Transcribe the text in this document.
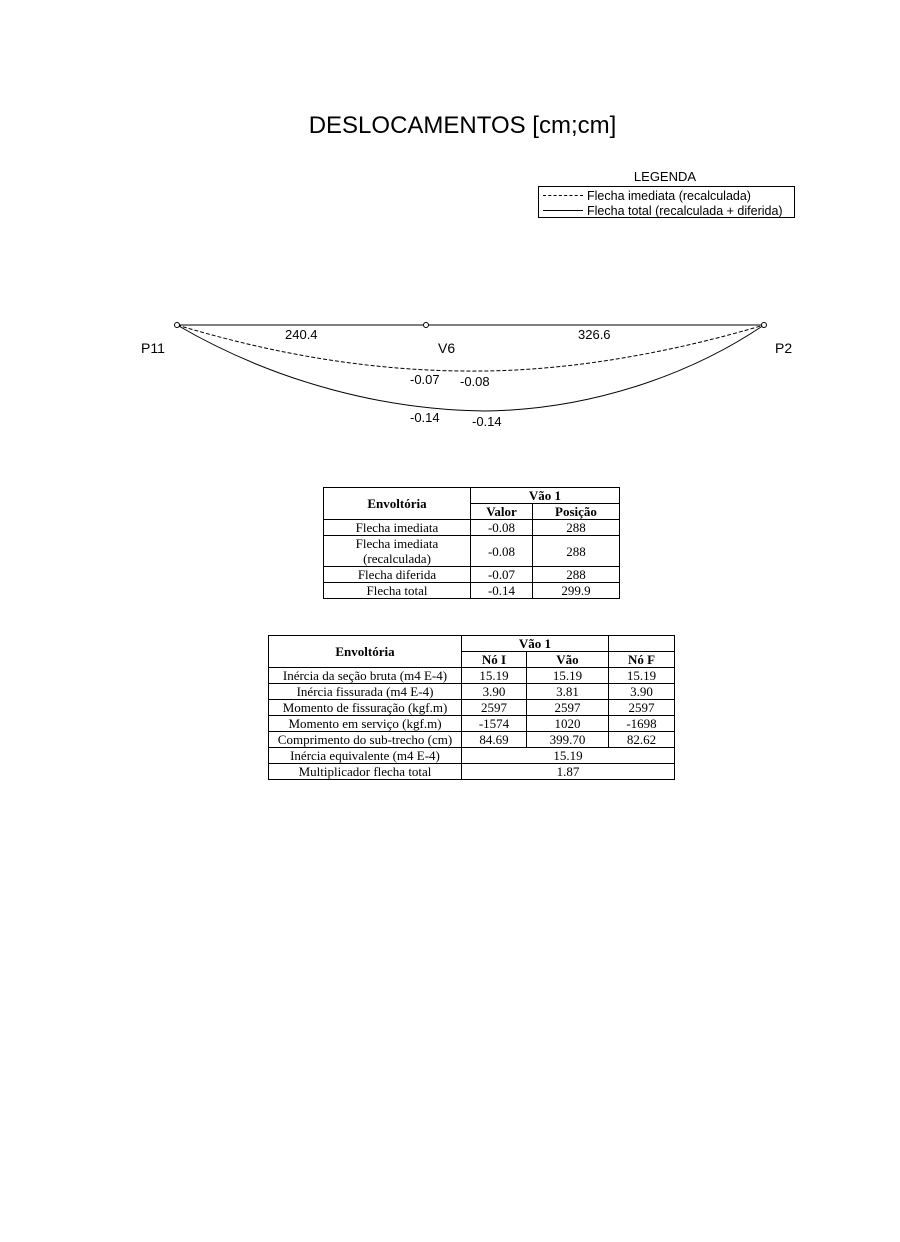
DESLOCAMENTOS [cm;cm]
LEGENDA
Flecha imediata (recalculada)
Flecha total (recalculada + diferida)
P11	P2
V6
240.4	326.6
-0.07 -0.08
-0.14 -0.14
Envoltória	Vão 1	
	Valor	Posição
Flecha imediata	-0.08	288
Flecha imediata (recalculada)	-0.08	288
Flecha diferida	-0.07	288
Flecha total	-0.14	299.9
Envoltória	Vão 1		
	Nó I	Vão	Nó F
Inércia da seção bruta (m4 E-4)	15.19	15.19	15.19
Inércia fissurada (m4 E-4)	3.90	3.81	3.90
Momento de fissuração (kgf.m)	2597	2597	2597
Momento em serviço (kgf.m)	-1574	1020	-1698
Comprimento do sub-trecho (cm)	84.69	399.70	82.62
Inércia equivalente (m4 E-4)	15.19		
Multiplicador flecha total	1.87		
